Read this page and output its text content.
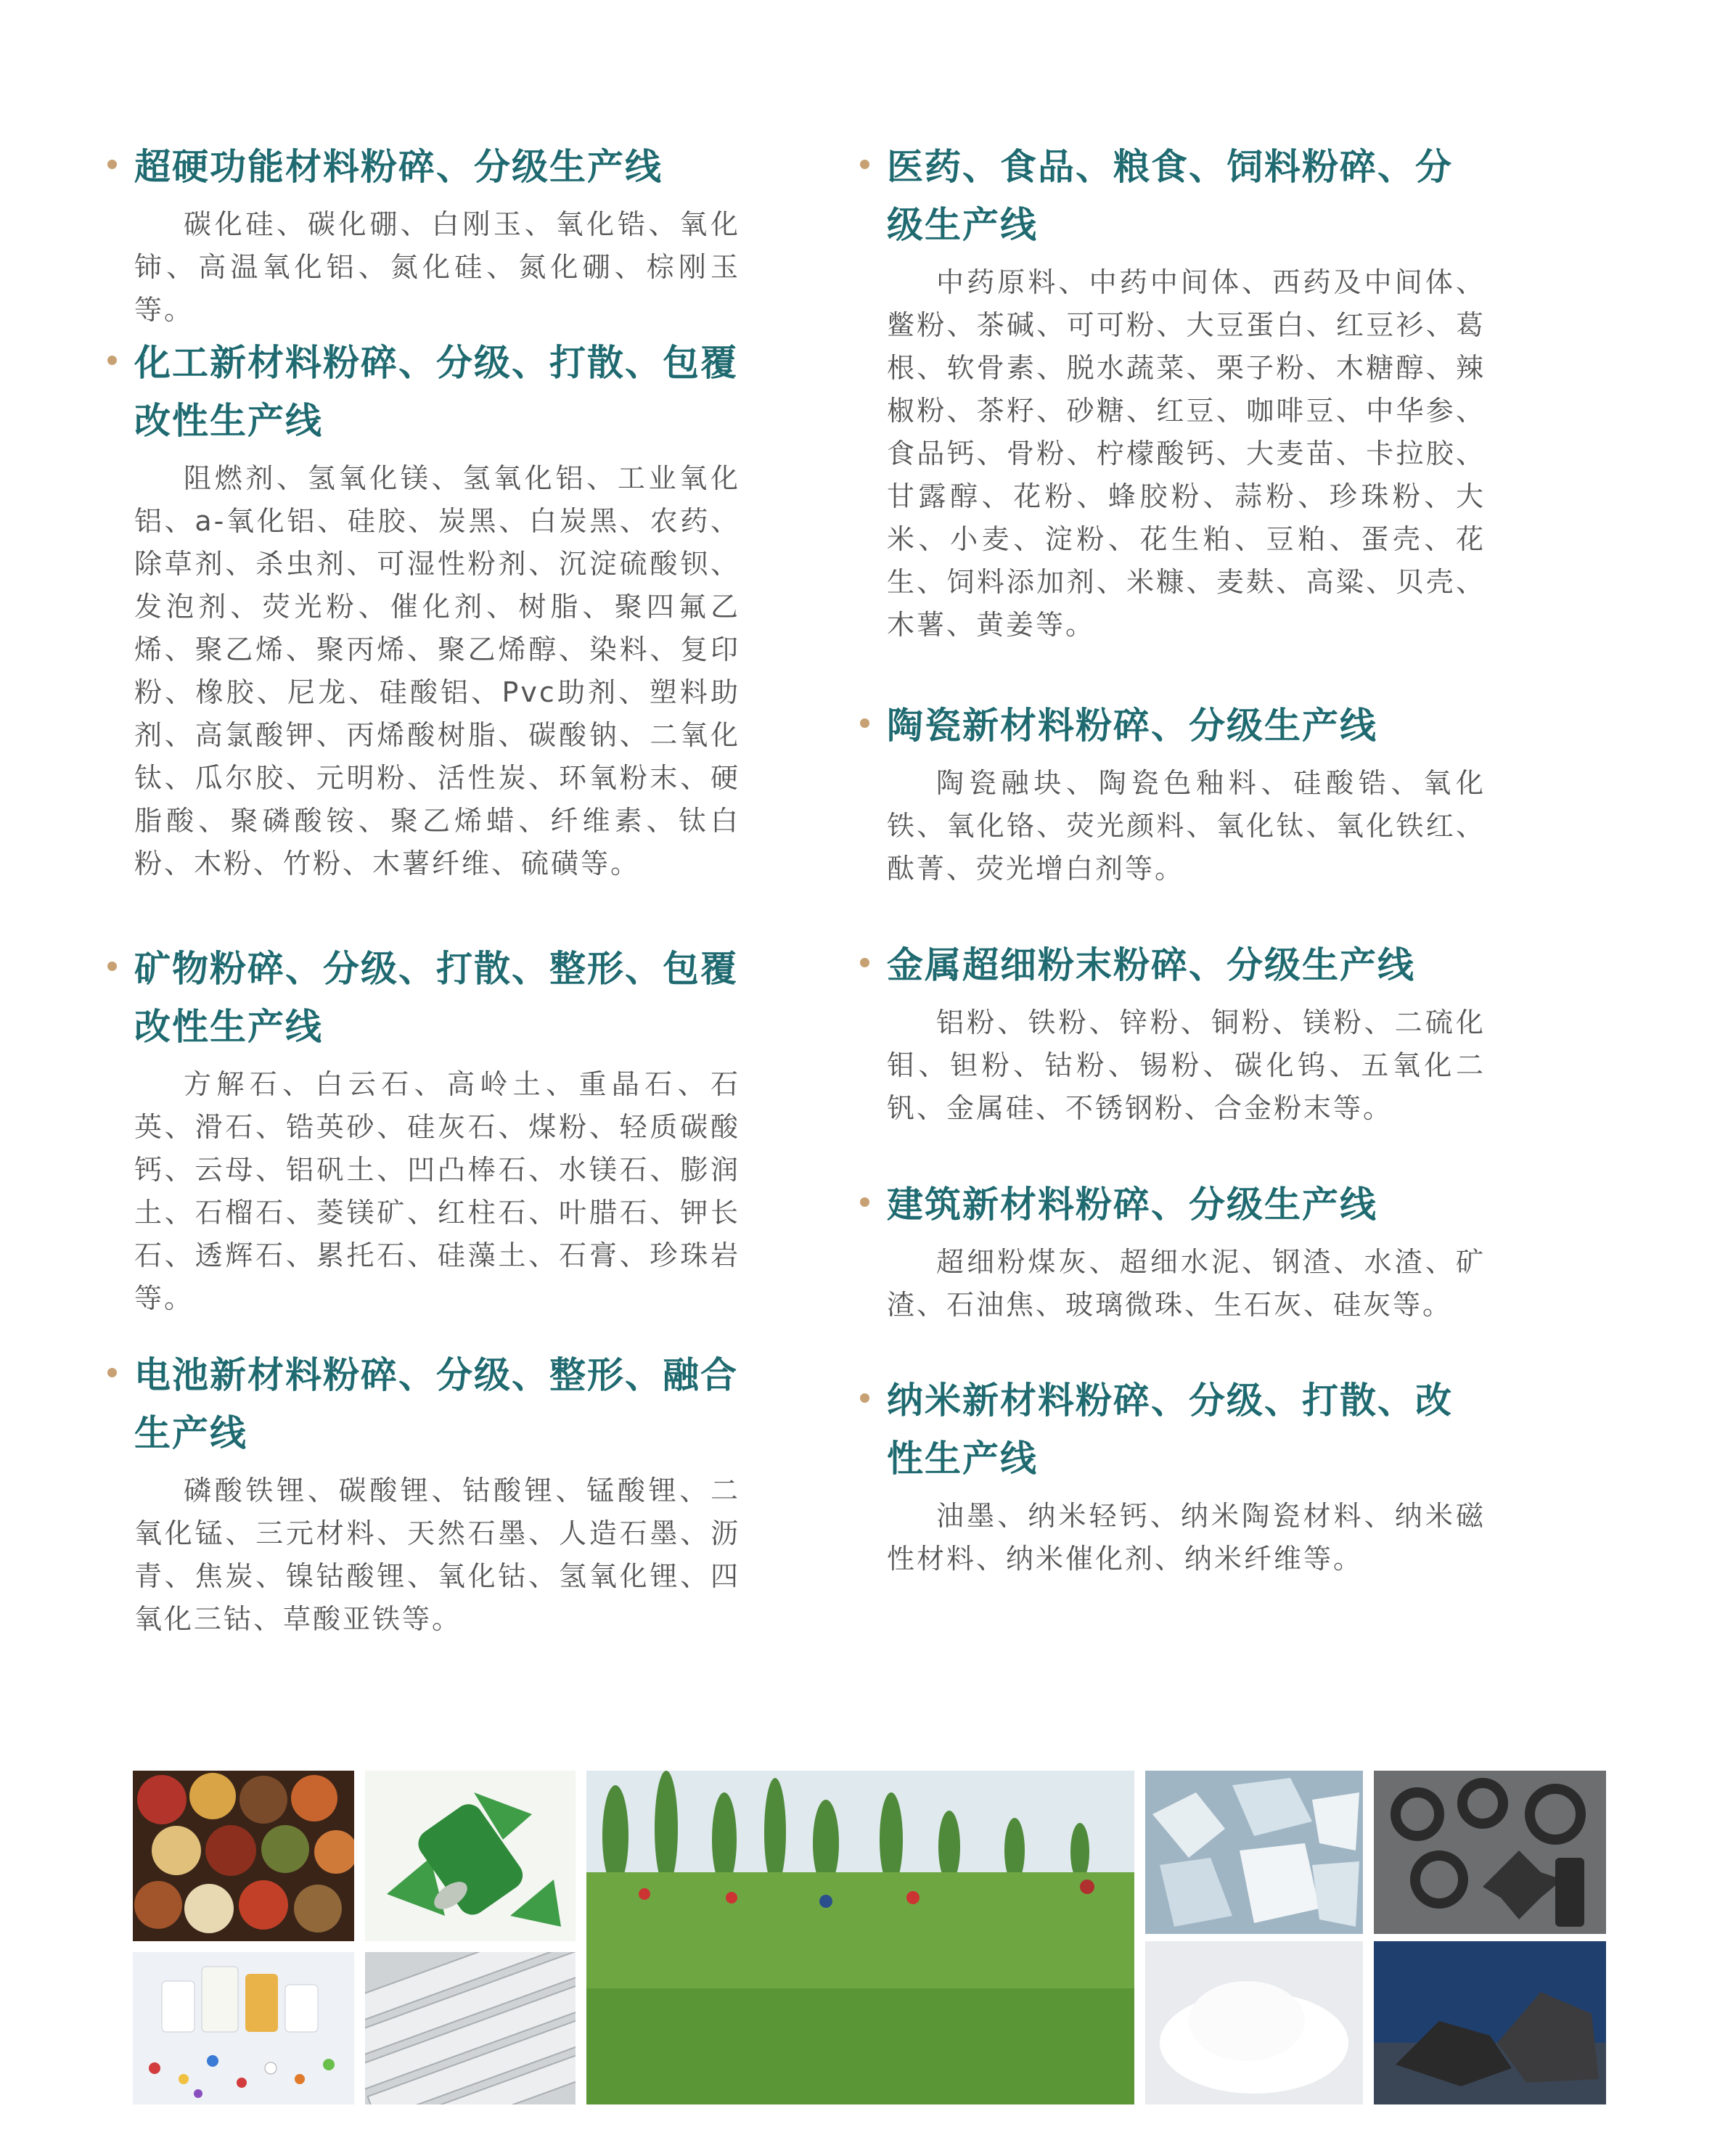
超硬功能材料粉碎、分级生产线

碳化硅、碳化硼、白刚玉、氧化锆、氧化铈、高温氧化铝、氮化硅、氮化硼、棕刚玉等。

化工新材料粉碎、分级、打散、包覆改性生产线

阻燃剂、氢氧化镁、氢氧化铝、工业氧化铝、a-氧化铝、硅胶、炭黑、白炭黑、农药、除草剂、杀虫剂、可湿性粉剂、沉淀硫酸钡、发泡剂、荧光粉、催化剂、树脂、聚四氟乙烯、聚乙烯、聚丙烯、聚乙烯醇、染料、复印粉、橡胶、尼龙、硅酸铝、Pvc助剂、塑料助剂、高氯酸钾、丙烯酸树脂、碳酸钠、二氧化钛、瓜尔胶、元明粉、活性炭、环氧粉末、硬脂酸、聚磷酸铵、聚乙烯蜡、纤维素、钛白粉、木粉、竹粉、木薯纤维、硫磺等。

矿物粉碎、分级、打散、整形、包覆改性生产线

方解石、白云石、高岭土、重晶石、石英、滑石、锆英砂、硅灰石、煤粉、轻质碳酸钙、云母、铝矾土、凹凸棒石、水镁石、膨润土、石榴石、菱镁矿、红柱石、叶腊石、钾长石、透辉石、累托石、硅藻土、石膏、珍珠岩等。

电池新材料粉碎、分级、整形、融合生产线

磷酸铁锂、碳酸锂、钴酸锂、锰酸锂、二氧化锰、三元材料、天然石墨、人造石墨、沥青、焦炭、镍钴酸锂、氧化钴、氢氧化锂、四氧化三钴、草酸亚铁等。

医药、食品、粮食、饲料粉碎、分级生产线

中药原料、中药中间体、西药及中间体、鳖粉、茶碱、可可粉、大豆蛋白、红豆衫、葛根、软骨素、脱水蔬菜、栗子粉、木糖醇、辣椒粉、茶籽、砂糖、红豆、咖啡豆、中华参、食品钙、骨粉、柠檬酸钙、大麦苗、卡拉胶、甘露醇、花粉、蜂胶粉、蒜粉、珍珠粉、大米、小麦、淀粉、花生粕、豆粕、蛋壳、花生、饲料添加剂、米糠、麦麸、高粱、贝壳、木薯、黄姜等。

陶瓷新材料粉碎、分级生产线

陶瓷融块、陶瓷色釉料、硅酸锆、氧化铁、氧化铬、荧光颜料、氧化钛、氧化铁红、酞菁、荧光增白剂等。

金属超细粉末粉碎、分级生产线

铝粉、铁粉、锌粉、铜粉、镁粉、二硫化钼、钽粉、钴粉、锡粉、碳化钨、五氧化二钒、金属硅、不锈钢粉、合金粉末等。

建筑新材料粉碎、分级生产线

超细粉煤灰、超细水泥、钢渣、水渣、矿渣、石油焦、玻璃微珠、生石灰、硅灰等。

纳米新材料粉碎、分级、打散、改性生产线

油墨、纳米轻钙、纳米陶瓷材料、纳米磁性材料、纳米催化剂、纳米纤维等。
